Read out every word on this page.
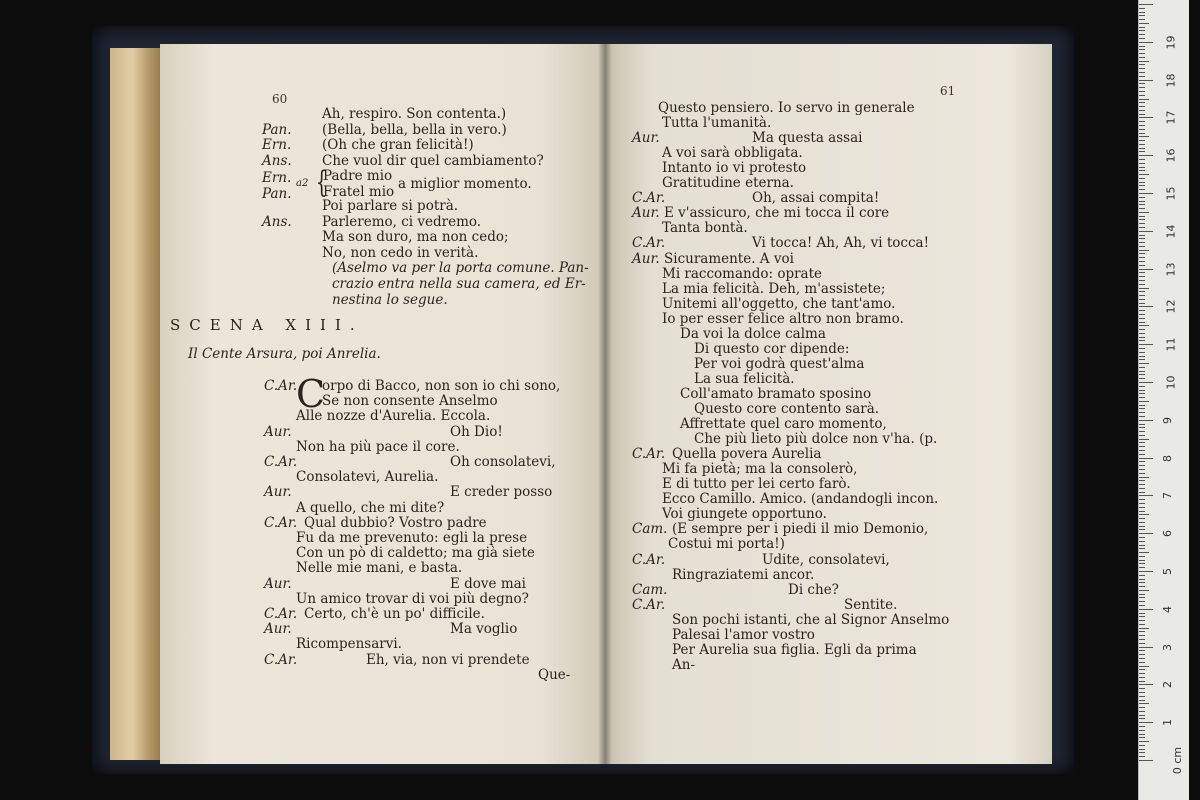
60
Ern. a2
Pan. {
Padre mio
Fratel mio a miglior momento.
(Aselmo va per la porta comune. Pan-
crazio entra nella sua camera, ed Er-
nestina lo segue.
SCENA XIII.
Il Cente Arsura, poi Anrelia.
C
61
19
18
17
16
15
14
13
12
11
10
9
8
7
6
5
4
3
2
1
0 cm
Ah, respiro. Son contenta.)
Pan. (Bella, bella, bella in vero.)
Ern. (Oh che gran felicità!)
Ans. Che vuol dir quel cambiamento?
Poi parlare si potrà.
Ans. Parleremo, ci vedremo.
Ma son duro, ma non cedo;
No, non cedo in verità.
C.Ar. orpo di Bacco, non son io chi sono,
Se non consente Anselmo
Alle nozze d'Aurelia. Eccola.
Aur.	Oh Dio!
Non ha più pace il core.
C.Ar.	Oh consolatevi,
Consolatevi, Aurelia.
Aur.	E creder posso
A quello, che mi dite?
C.Ar. Qual dubbio? Vostro padre
Fu da me prevenuto: egli la prese
Con un pò di caldetto; ma già siete
Nelle mie mani, e basta.
Aur.	E dove mai
Un amico trovar di voi più degno?
C.Ar. Certo, ch'è un po' difficile.
Aur.	Ma voglio
Ricompensarvi.
C.Ar.	Eh, via, non vi prendete
Que-
Questo pensiero. Io servo in generale
Tutta l'umanità.
Aur.	Ma questa assai
A voi sarà obbligata.
Intanto io vi protesto
Gratitudine eterna.
C.Ar.	Oh, assai compita!
Aur. E v'assicuro, che mi tocca il core
Tanta bontà.
C.Ar.	Vi tocca! Ah, Ah, vi tocca!
Aur. Sicuramente. A voi
Mi raccomando: oprate
La mia felicità. Deh, m'assistete;
Unitemi all'oggetto, che tant'amo.
Io per esser felice altro non bramo.
Da voi la dolce calma
Di questo cor dipende:
Per voi godrà quest'alma
La sua felicità.
Coll'amato bramato sposino
Questo core contento sarà.
Affrettate quel caro momento,
Che più lieto più dolce non v'ha. (p.
C.Ar. Quella povera Aurelia
Mi fa pietà; ma la consolerò,
E di tutto per lei certo farò.
Ecco Camillo. Amico. (andandogli incon.
Voi giungete opportuno.
Cam. (E sempre per i piedi il mio Demonio,
Costui mi porta!)
C.Ar.	Udite, consolatevi,
Ringraziatemi ancor.
Cam.	Di che?
C.Ar.	Sentite.
Son pochi istanti, che al Signor Anselmo
Palesai l'amor vostro
Per Aurelia sua figlia. Egli da prima
An-
